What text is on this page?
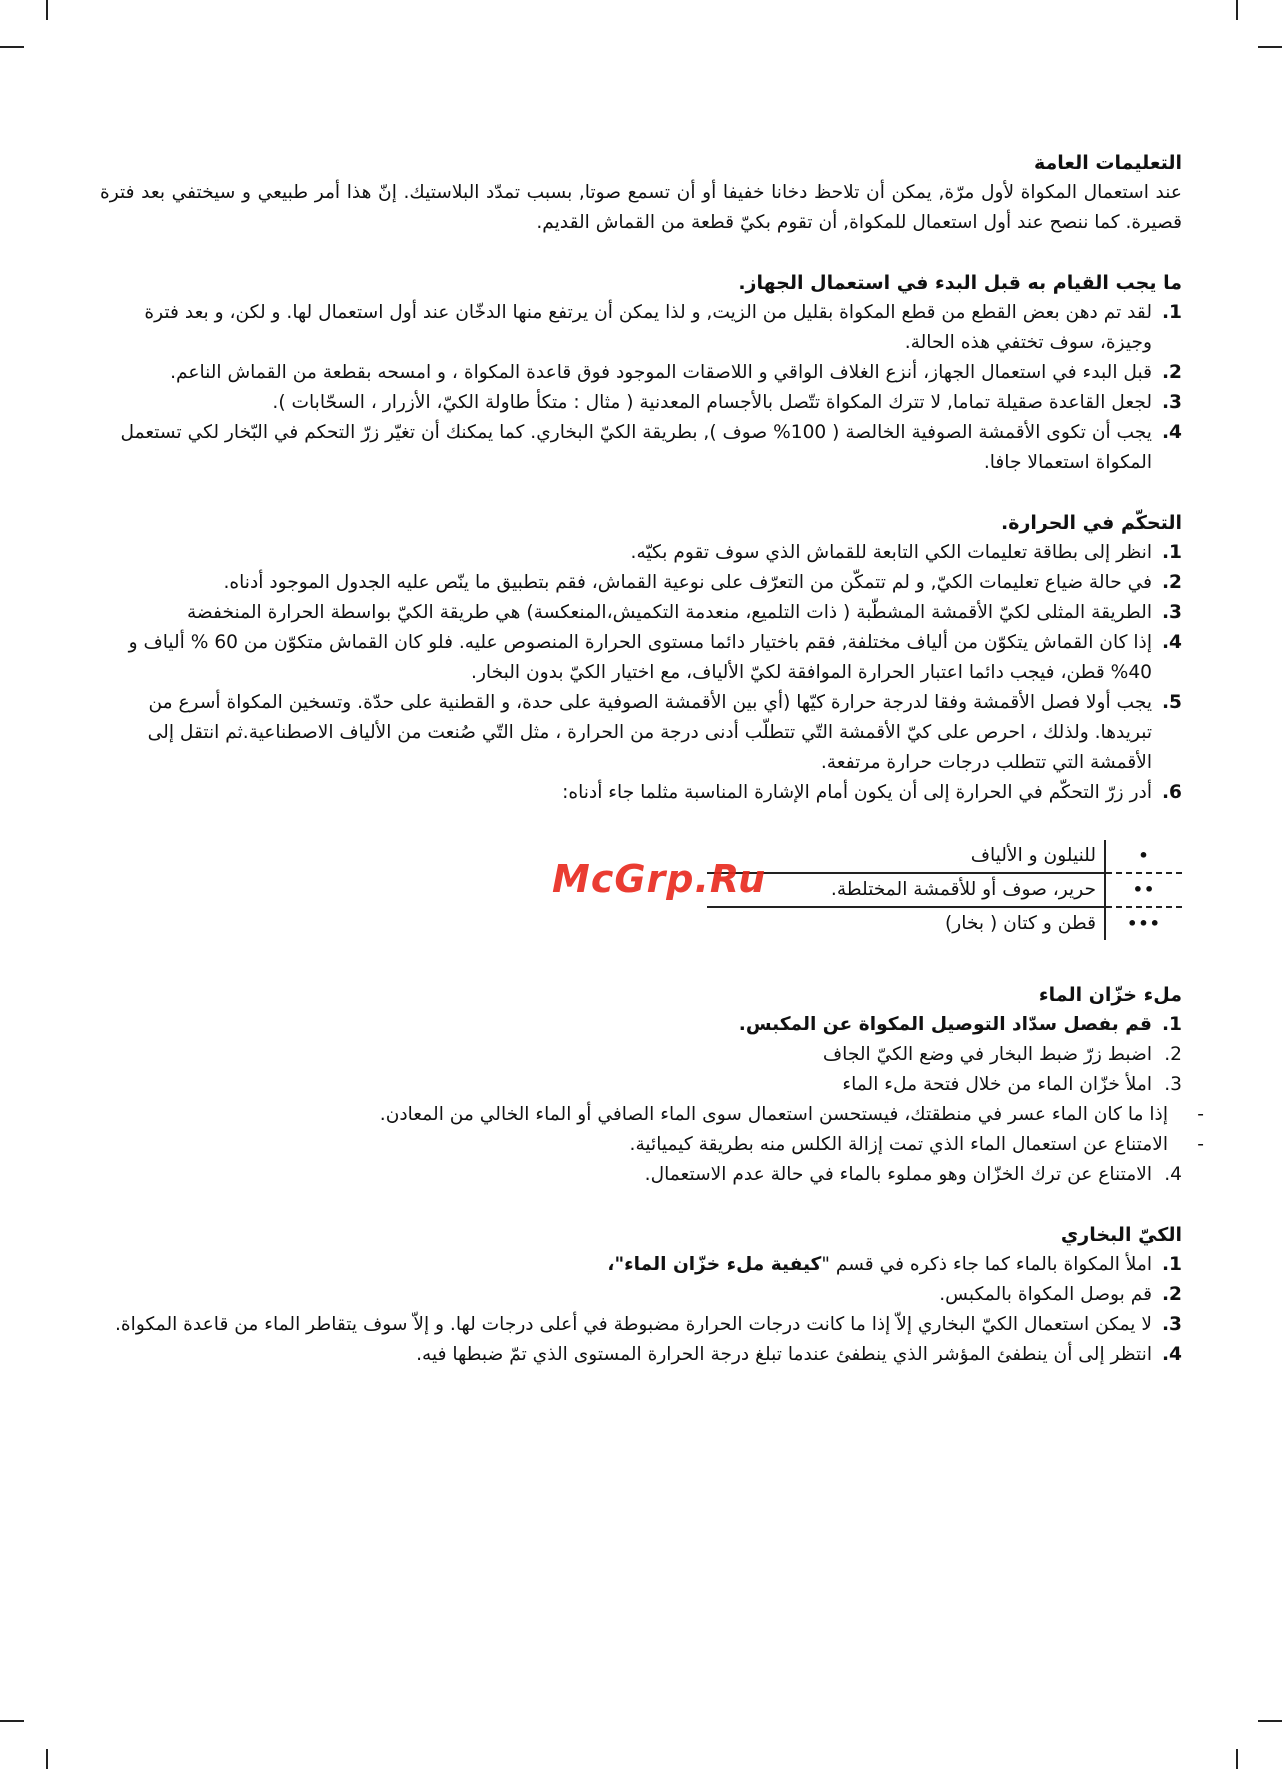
التعليمات العامة

عند استعمال المكواة لأول مرّة, يمكن أن تلاحظ دخانا خفيفا أو أن تسمع صوتا, بسبب تمدّد البلاستيك. إنّ هذا أمر طبيعي و سيختفي بعد فترة قصيرة. كما ننصح عند أول استعمال للمكواة, أن تقوم بكيّ قطعة من القماش القديم.

ما يجب القيام به قبل البدء في استعمال الجهاز.
1.
لقد تم دهن بعض القطع من قطع المكواة بقليل من الزيت, و لذا يمكن أن يرتفع منها الدخّان عند أول استعمال لها. و لكن، و بعد فترة وجيزة، سوف تختفي هذه الحالة.
2.
قبل البدء في استعمال الجهاز، أنزع الغلاف الواقي و اللاصقات الموجود فوق قاعدة المكواة ، و امسحه بقطعة من القماش الناعم.
3.
لجعل القاعدة صقيلة تماما, لا تترك المكواة تتّصل بالأجسام المعدنية ( مثال : متكأ طاولة الكيّ، الأزرار ، السحّابات ).
4.
يجب أن تكوى الأقمشة الصوفية الخالصة ( 100% صوف ), بطريقة الكيّ البخاري. كما يمكنك أن تغيّر زرّ التحكم في البّخار لكي تستعمل المكواة استعمالا جافا.
التحكّم في الحرارة.
1.
انظر إلى بطاقة تعليمات الكي التابعة للقماش الذي سوف تقوم بكيّه.
2.
في حالة ضياع تعليمات الكيّ, و لم تتمكّن من التعرّف على نوعية القماش، فقم بتطبيق ما ينّص عليه الجدول الموجود أدناه.
3.
الطريقة المثلى لكيّ الأقمشة المشطّبة ( ذات التلميع، منعدمة التكميش،المنعكسة) هي طريقة الكيّ بواسطة الحرارة المنخفضة
4.
إذا كان القماش يتكوّن من ألياف مختلفة, فقم باختيار دائما مستوى الحرارة المنصوص عليه. فلو كان القماش متكوّن من 60 % ألياف و 40% قطن، فيجب دائما اعتبار الحرارة الموافقة لكيّ الألياف، مع اختيار الكيّ بدون البخار.
5.
يجب أولا فصل الأقمشة وفقا لدرجة حرارة كيّها (أي بين الأقمشة الصوفية على حدة، و القطنية على حدّة. وتسخين المكواة أسرع من تبريدها. ولذلك ، احرص على كيّ الأقمشة التّي تتطلّب أدنى درجة من الحرارة ، مثل التّي صُنعت من الألياف الاصطناعية.ثم انتقل إلى الأقمشة التي تتطلب درجات حرارة مرتفعة.
6.
أدر زرّ التحكّم في الحرارة إلى أن يكون أمام الإشارة المناسبة مثلما جاء أدناه:
•	للنيلون و الألياف
••	حرير، صوف أو للأقمشة المختلطة.
•••	قطن و كتان ( بخار)
ملء خزّان الماء
1.
قم بفصل سدّاد التوصيل المكواة عن المكبس.
2.
اضبط زرّ ضبط البخار في وضع الكيّ الجاف
3.
املأ خزّان الماء من خلال فتحة ملء الماء
-
إذا ما كان الماء عسر في منطقتك، فيستحسن استعمال سوى الماء الصافي أو الماء الخالي من المعادن.
-
الامتناع عن استعمال الماء الذي تمت إزالة الكلس منه بطريقة كيميائية.
4.
الامتناع عن ترك الخزّان وهو مملوء بالماء في حالة عدم الاستعمال.
الكيّ البخاري
1.
املأ المكواة بالماء كما جاء ذكره في قسم "كيفية ملء خزّان الماء"،
2.
قم بوصل المكواة بالمكبس.
3.
لا يمكن استعمال الكيّ البخاري إلاّ إذا ما كانت درجات الحرارة مضبوطة في أعلى درجات لها. و إلاّ سوف يتقاطر الماء من قاعدة المكواة.
4.
انتظر إلى أن ينطفئ المؤشر الذي ينطفئ عندما تبلغ درجة الحرارة المستوى الذي تمّ ضبطها فيه.
McGrp.Ru
